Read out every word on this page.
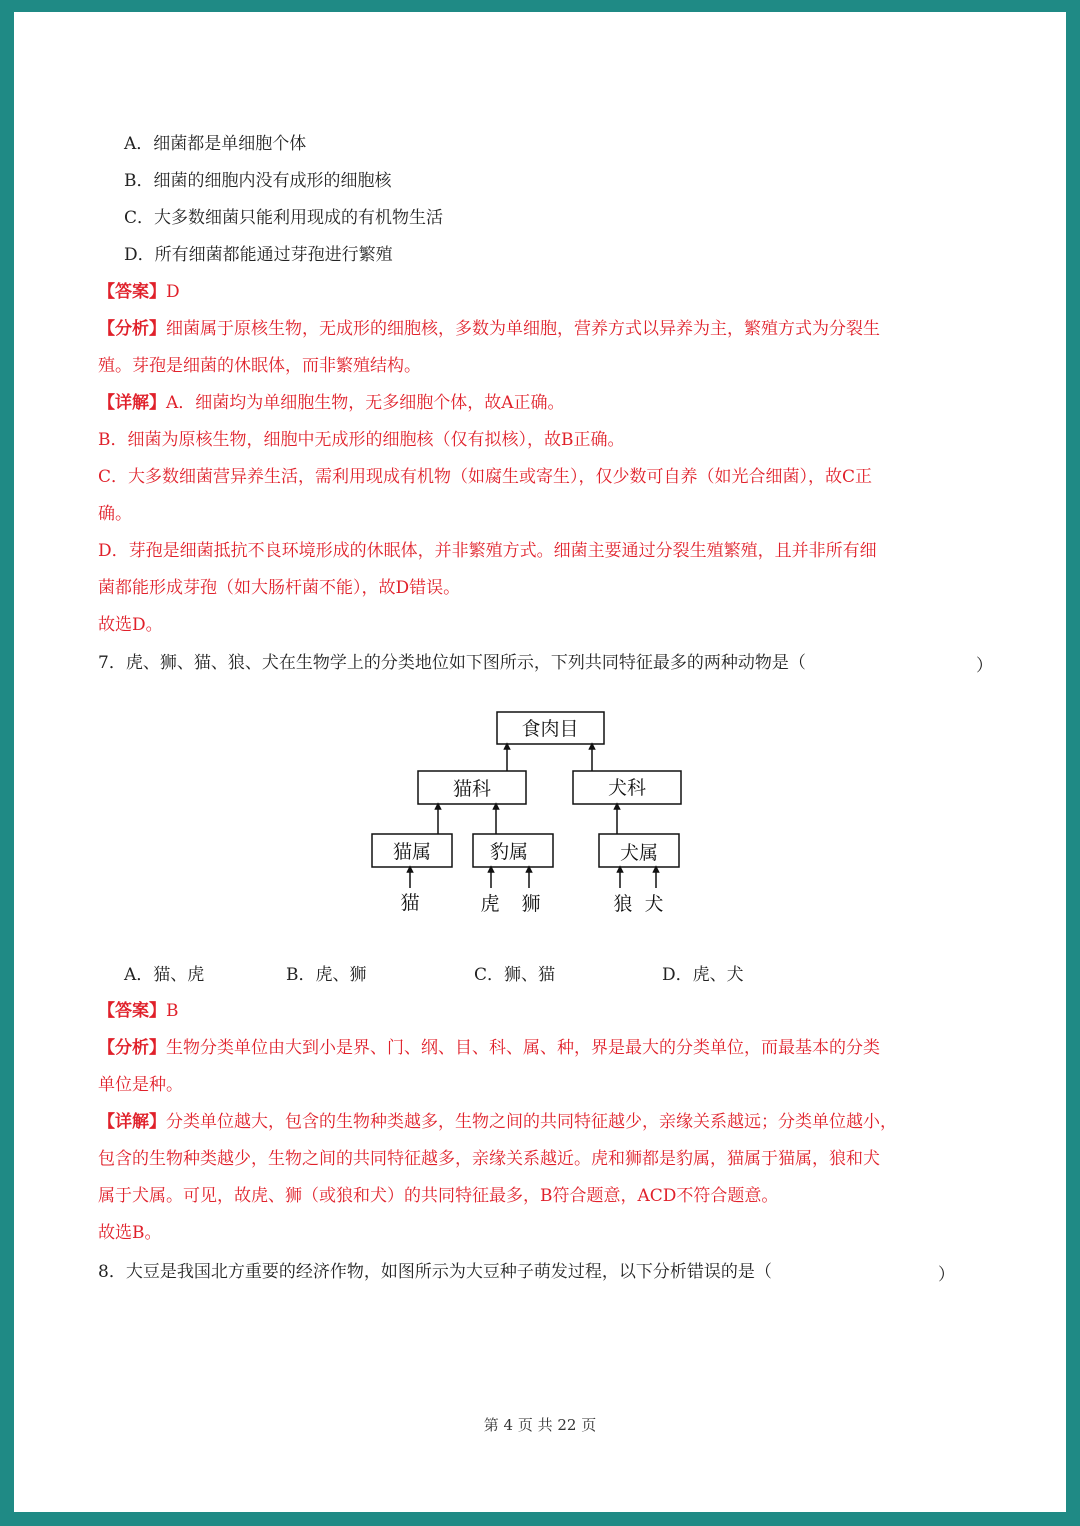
A．细菌都是单细胞个体
B．细菌的细胞内没有成形的细胞核
C．大多数细菌只能利用现成的有机物生活
D．所有细菌都能通过芽孢进行繁殖
【答案】D
【分析】细菌属于原核生物，无成形的细胞核，多数为单细胞，营养方式以异养为主，繁殖方式为分裂生
殖。芽孢是细菌的休眠体，而非繁殖结构。
【详解】A．细菌均为单细胞生物，无多细胞个体，故A正确。
B．细菌为原核生物，细胞中无成形的细胞核（仅有拟核），故B正确。
C．大多数细菌营异养生活，需利用现成有机物（如腐生或寄生），仅少数可自养（如光合细菌），故C正
确。
D．芽孢是细菌抵抗不良环境形成的休眠体，并非繁殖方式。细菌主要通过分裂生殖繁殖，且并非所有细
菌都能形成芽孢（如大肠杆菌不能），故D错误。
故选D。
7．虎、狮、猫、狼、犬在生物学上的分类地位如下图所示，下列共同特征最多的两种动物是（	）
食肉目
猫科	犬科
猫属	豹属	犬属
猫	虎 狮	狼 犬
A．猫、虎	B．虎、狮	C．狮、猫	D．虎、犬
【答案】B
【分析】生物分类单位由大到小是界、门、纲、目、科、属、种，界是最大的分类单位，而最基本的分类
单位是种。
【详解】分类单位越大，包含的生物种类越多，生物之间的共同特征越少，亲缘关系越远；分类单位越小，
包含的生物种类越少，生物之间的共同特征越多，亲缘关系越近。虎和狮都是豹属，猫属于猫属，狼和犬
属于犬属。可见，故虎、狮（或狼和犬）的共同特征最多，B符合题意，ACD不符合题意。
故选B。
8．大豆是我国北方重要的经济作物，如图所示为大豆种子萌发过程，以下分析错误的是（	）
第 4 页 共 22 页
